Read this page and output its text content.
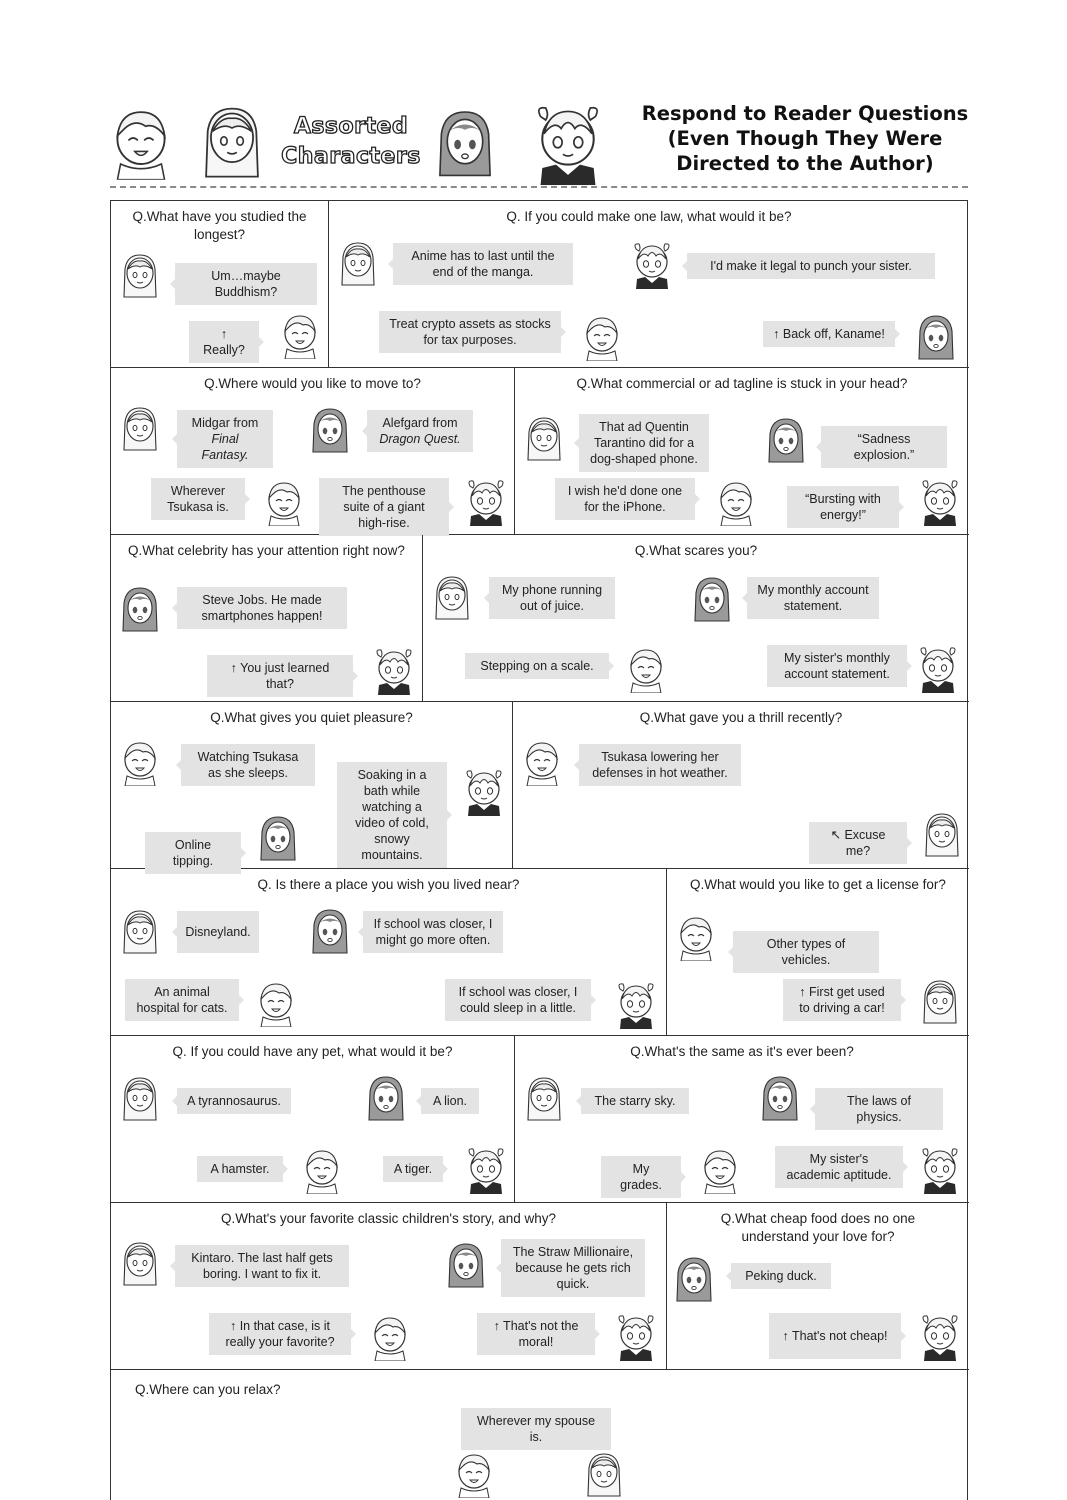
Assorted
Characters
Respond to Reader Questions
(Even Though They Were
Directed to the Author)
Q.What have you studied the longest?
Um…maybe Buddhism?
↑ Really?
Q. If you could make one law, what would it be?
Anime has to last until the end of the manga.	I'd make it legal to punch your sister.
Treat crypto assets as stocks for tax purposes.	↑ Back off, Kaname!
Q.Where would you like to move to?
Midgar from
Final Fantasy.
Alefgard from
Dragon Quest.
Wherever Tsukasa is.
The penthouse suite of a giant high-rise.
Q.What commercial or ad tagline is stuck in your head?
That ad Quentin Tarantino did for a dog-shaped phone.
“Sadness explosion.”
I wish he'd done one for the iPhone.
“Bursting with energy!”
Q.What celebrity has your attention right now?
Steve Jobs. He made smartphones happen!
↑ You just learned that?
Q.What scares you?
My phone running out of juice.
My monthly account statement.
Stepping on a scale.
My sister's monthly account statement.
Q.What gives you quiet pleasure?
Watching Tsukasa as she sleeps.	Soaking in a bath while watching a video of cold, snowy mountains.
Online tipping.
Q.What gave you a thrill recently?
Tsukasa lowering her defenses in hot weather.
↖ Excuse me?
Q. Is there a place you wish you lived near?
Disneyland.
If school was closer, I might go more often.
An animal hospital for cats.
If school was closer, I could sleep in a little.
Q.What would you like to get a license for?
Other types of vehicles.
↑ First get used to driving a car!
Q. If you could have any pet, what would it be?
A tyrannosaurus.	A lion.
A hamster.	A tiger.
Q.What's the same as it's ever been?
The starry sky.	The laws of physics.
My grades.
My sister's academic aptitude.
Q.What's your favorite classic children's story, and why?
Kintaro. The last half gets boring. I want to fix it.
The Straw Millionaire, because he gets rich quick.
↑ In that case, is it really your favorite?
↑ That's not the moral!
Q.What cheap food does no one understand your love for?
Peking duck.
↑ That's not cheap!
Q.Where can you relax?
Wherever my spouse is.
